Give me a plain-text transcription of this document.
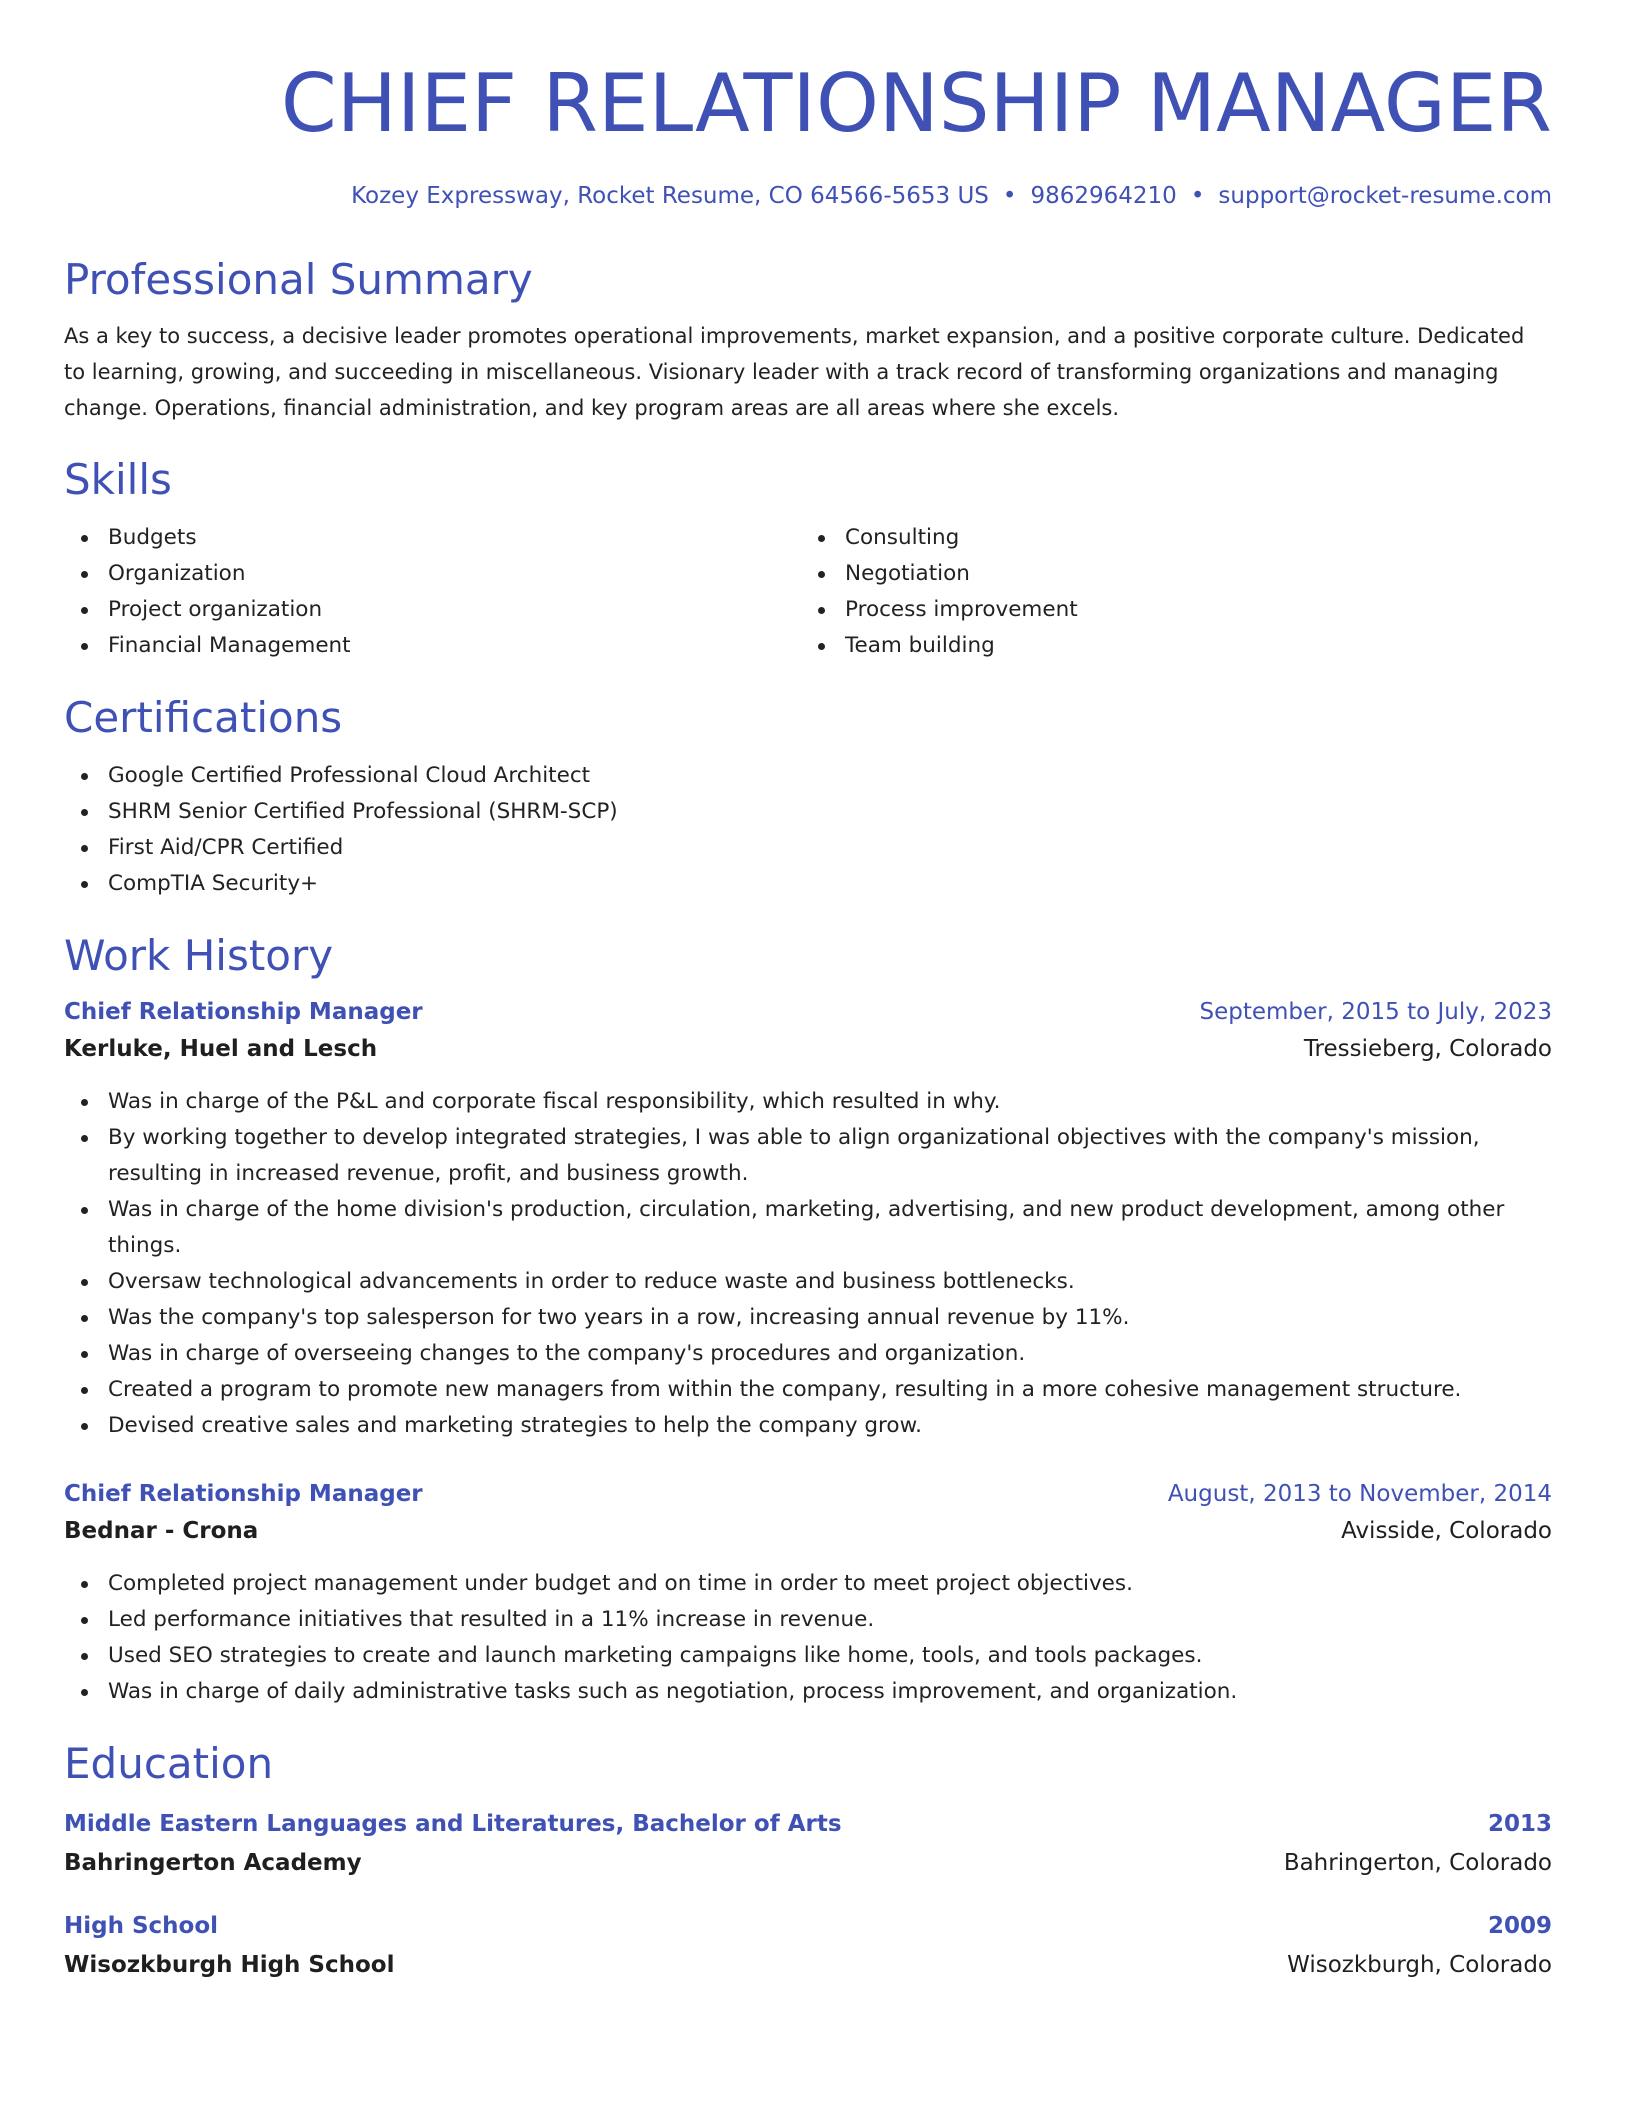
CHIEF RELATIONSHIP MANAGER
Kozey Expressway, Rocket Resume, CO 64566-5653 US • 9862964210 • support@rocket-resume.com
Professional Summary
As a key to success, a decisive leader promotes operational improvements, market expansion, and a positive corporate culture. Dedicated to learning, growing, and succeeding in miscellaneous. Visionary leader with a track record of transforming organizations and managing change. Operations, financial administration, and key program areas are all areas where she excels.
Skills
Budgets
Organization
Project organization
Financial Management
Consulting
Negotiation
Process improvement
Team building
Certifications
Google Certified Professional Cloud Architect
SHRM Senior Certified Professional (SHRM-SCP)
First Aid/CPR Certified
CompTIA Security+
Work History
Chief Relationship Manager	September, 2015 to July, 2023
Kerluke, Huel and Lesch	Tressieberg, Colorado
Was in charge of the P&L and corporate fiscal responsibility, which resulted in why.
By working together to develop integrated strategies, I was able to align organizational objectives with the company's mission, resulting in increased revenue, profit, and business growth.
Was in charge of the home division's production, circulation, marketing, advertising, and new product development, among other things.
Oversaw technological advancements in order to reduce waste and business bottlenecks.
Was the company's top salesperson for two years in a row, increasing annual revenue by 11%.
Was in charge of overseeing changes to the company's procedures and organization.
Created a program to promote new managers from within the company, resulting in a more cohesive management structure.
Devised creative sales and marketing strategies to help the company grow.
Chief Relationship Manager	August, 2013 to November, 2014
Bednar - Crona	Avisside, Colorado
Completed project management under budget and on time in order to meet project objectives.
Led performance initiatives that resulted in a 11% increase in revenue.
Used SEO strategies to create and launch marketing campaigns like home, tools, and tools packages.
Was in charge of daily administrative tasks such as negotiation, process improvement, and organization.
Education
Middle Eastern Languages and Literatures, Bachelor of Arts	2013
Bahringerton Academy	Bahringerton, Colorado
High School	2009
Wisozkburgh High School	Wisozkburgh, Colorado
